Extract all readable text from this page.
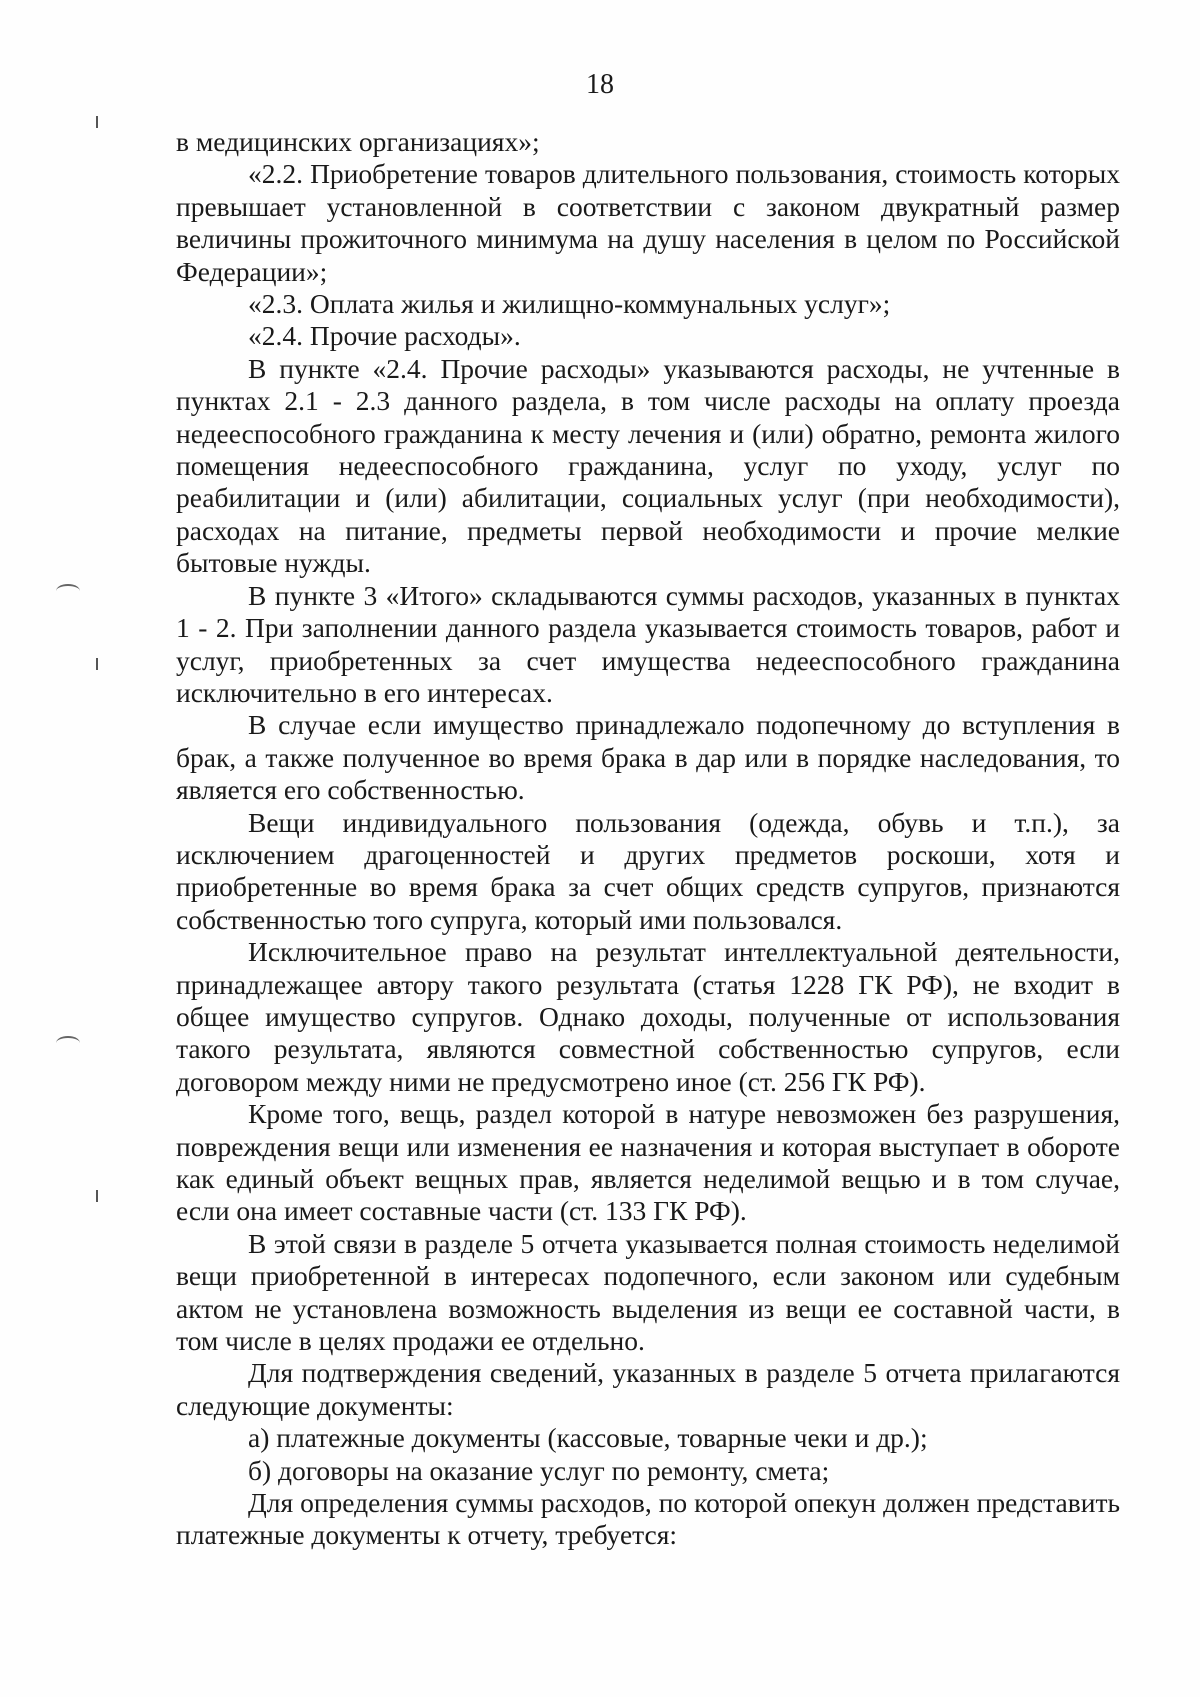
18

в медицинских организациях»;

«2.2. Приобретение товаров длительного пользования, стоимость которых превышает установленной в соответствии с законом двукратный размер величины прожиточного минимума на душу населения в целом по Российской Федерации»;

«2.3. Оплата жилья и жилищно-коммунальных услуг»;

«2.4. Прочие расходы».

В пункте «2.4. Прочие расходы» указываются расходы, не учтенные в пунктах 2.1 - 2.3 данного раздела, в том числе расходы на оплату проезда недееспособного гражданина к месту лечения и (или) обратно, ремонта жилого помещения недееспособного гражданина, услуг по уходу, услуг по реабилитации и (или) абилитации, социальных услуг (при необходимости), расходах на питание, предметы первой необходимости и прочие мелкие бытовые нужды.

В пункте 3 «Итого» складываются суммы расходов, указанных в пунктах 1 - 2. При заполнении данного раздела указывается стоимость товаров, работ и услуг, приобретенных за счет имущества недееспособного гражданина исключительно в его интересах.

В случае если имущество принадлежало подопечному до вступления в брак, а также полученное во время брака в дар или в порядке наследования, то является его собственностью.

Вещи индивидуального пользования (одежда, обувь и т.п.), за исключением драгоценностей и других предметов роскоши, хотя и приобретенные во время брака за счет общих средств супругов, признаются собственностью того супруга, который ими пользовался.

Исключительное право на результат интеллектуальной деятельности, принадлежащее автору такого результата (статья 1228 ГК РФ), не входит в общее имущество супругов. Однако доходы, полученные от использования такого результата, являются совместной собственностью супругов, если договором между ними не предусмотрено иное (ст. 256 ГК РФ).

Кроме того, вещь, раздел которой в натуре невозможен без разрушения, повреждения вещи или изменения ее назначения и которая выступает в обороте как единый объект вещных прав, является неделимой вещью и в том случае, если она имеет составные части (ст. 133 ГК РФ).

В этой связи в разделе 5 отчета указывается полная стоимость неделимой вещи приобретенной в интересах подопечного, если законом или судебным актом не установлена возможность выделения из вещи ее составной части, в том числе в целях продажи ее отдельно.

Для подтверждения сведений, указанных в разделе 5 отчета прилагаются следующие документы:

а) платежные документы (кассовые, товарные чеки и др.);

б) договоры на оказание услуг по ремонту, смета;

Для определения суммы расходов, по которой опекун должен представить платежные документы к отчету, требуется:
